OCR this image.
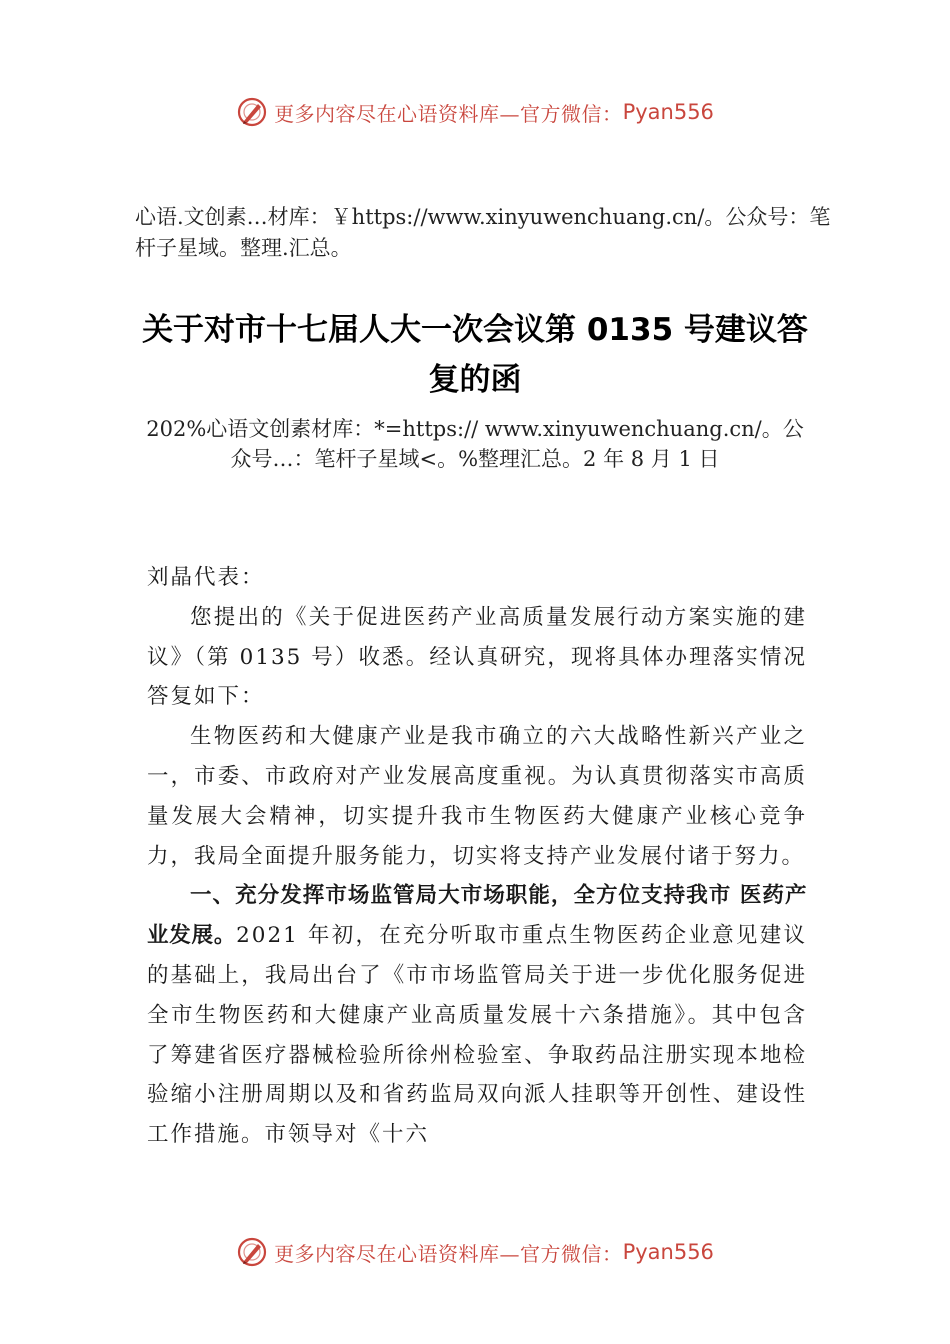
更多内容尽在心语资料库—官方微信： Pyan556
心语.文创素…材库：￥https://www.xinyuwenchuang.cn/。公众号：笔杆子星域。整理.汇总。
关于对市十七届人大一次会议第 0135 号建议答复的函
202%心语文创素材库：*=https:// www.xinyuwenchuang.cn/。公众号…：笔杆子星域<。%整理汇总。2 年 8 月 1 日

刘晶代表：

您提出的《关于促进医药产业高质量发展行动方案实施的建议》（第 0135 号）收悉。经认真研究，现将具体办理落实情况答复如下：

生物医药和大健康产业是我市确立的六大战略性新兴产业之一，市委、市政府对产业发展高度重视。为认真贯彻落实市高质量发展大会精神，切实提升我市生物医药大健康产业核心竞争力，我局全面提升服务能力，切实将支持产业发展付诸于努力。

一、充分发挥市场监管局大市场职能，全方位支持我市 医药产业发展。2021 年初，在充分听取市重点生物医药企业意见建议的基础上，我局出台了《市市场监管局关于进一步优化服务促进全市生物医药和大健康产业高质量发展十六条措施》。其中包含了筹建省医疗器械检验所徐州检验室、争取药品注册实现本地检验缩小注册周期以及和省药监局双向派人挂职等开创性、建设性工作措施。市领导对《十六

更多内容尽在心语资料库—官方微信： Pyan556
